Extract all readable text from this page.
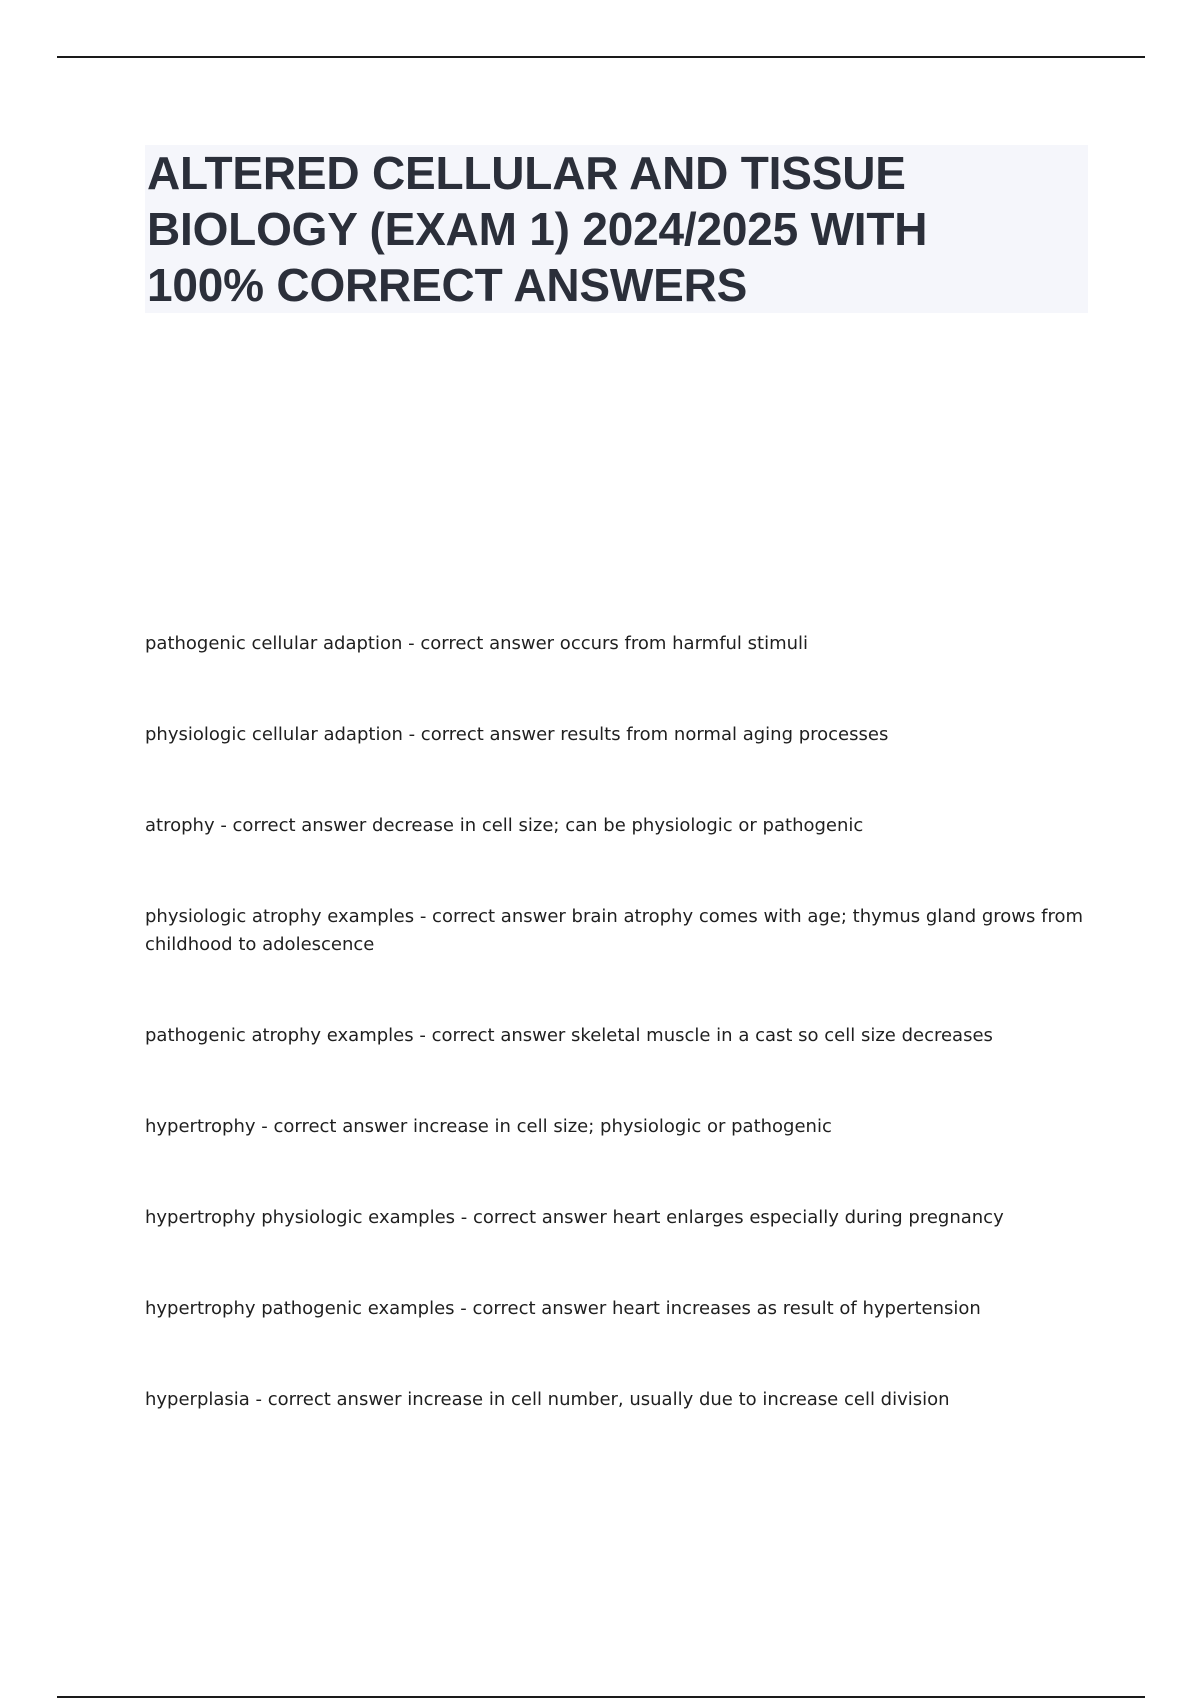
ALTERED CELLULAR AND TISSUE
BIOLOGY (EXAM 1) 2024/2025 WITH
100% CORRECT ANSWERS
pathogenic cellular adaption - correct answer occurs from harmful stimuli
physiologic cellular adaption - correct answer results from normal aging processes
atrophy - correct answer decrease in cell size; can be physiologic or pathogenic
physiologic atrophy examples - correct answer brain atrophy comes with age; thymus gland grows from childhood to adolescence
pathogenic atrophy examples - correct answer skeletal muscle in a cast so cell size decreases
hypertrophy - correct answer increase in cell size; physiologic or pathogenic
hypertrophy physiologic examples - correct answer heart enlarges especially during pregnancy
hypertrophy pathogenic examples - correct answer heart increases as result of hypertension
hyperplasia - correct answer increase in cell number, usually due to increase cell division
